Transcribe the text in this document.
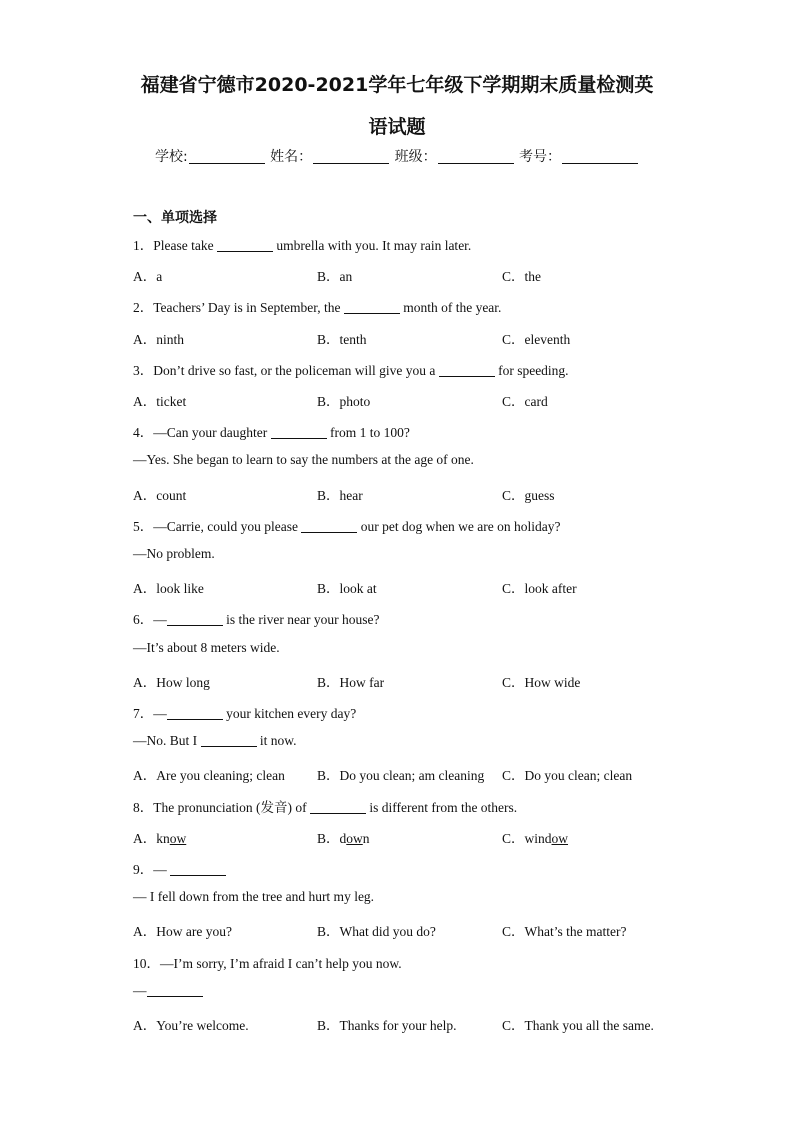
福建省宁德市2020-2021学年七年级下学期期末质量检测英
语试题
学校:	姓名：	班级：	考号：
一、单项选择
1．Please take	umbrella with you. It may rain later.
A．a	B．an	C．the
2．Teachers’ Day is in September, the	month of the year.
A．ninth	B．tenth	C．eleventh
3．Don’t drive so fast, or the policeman will give you a	for speeding.
A．ticket	B．photo	C．card
4．—Can your daughter	from 1 to 100?
—Yes. She began to learn to say the numbers at the age of one.
A．count	B．hear	C．guess
5．—Carrie, could you please	our pet dog when we are on holiday?
—No problem.
A．look like	B．look at	C．look after
6．—	is the river near your house?
—It’s about 8 meters wide.
A．How long	B．How far	C．How wide
7．—	your kitchen every day?
—No. But I	it now.
A．Are you cleaning; clean B．Do you clean; am cleaning C．Do you clean; clean
8．The pronunciation (发音) of	is different from the others.
A．know	B．down	C．window
9．—
— I fell down from the tree and hurt my leg.
A．How are you?	B．What did you do?	C．What’s the matter?
10．—I’m sorry, I’m afraid I can’t help you now.
—
A．You’re welcome.	B．Thanks for your help.	C．Thank you all the same.
